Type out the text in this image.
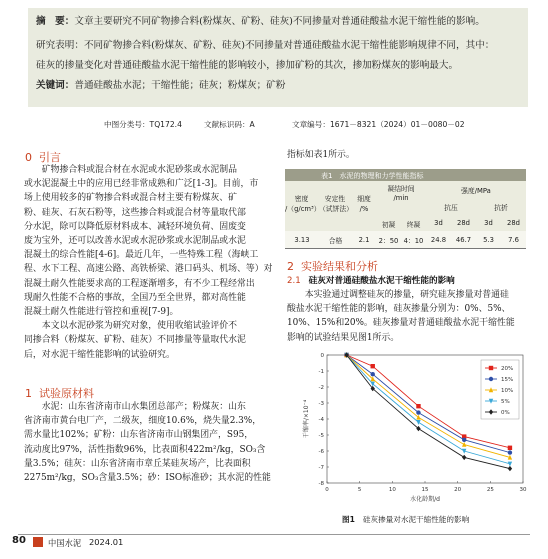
摘　要：文章主要研究不同矿物掺合料(粉煤灰、矿粉、硅灰)不同掺量对普通硅酸盐水泥干缩性能的影响。
研究表明：不同矿物掺合料(粉煤灰、矿粉、硅灰)不同掺量对普通硅酸盐水泥干缩性能影响规律不同，其中：
硅灰的掺量变化对普通硅酸盐水泥干缩性能的影响较小，掺加矿粉的其次，掺加粉煤灰的影响最大。
关键词：普通硅酸盐水泥；干缩性能；硅灰；粉煤灰；矿粉
中图分类号：TQ172.4	文献标识码：A	文章编号：1671－8321（2024）01－0080－02
0 引言
　　矿物掺合料或混合材在水泥或水泥砂浆或水泥制品
或水泥混凝土中的应用已经非常成熟和广泛[1-3]。目前，市
场上使用较多的矿物掺合料或混合材主要有粉煤灰、矿
粉、硅灰、石灰石粉等，这些掺合料或混合材等量取代部
分水泥，除可以降低原材料成本、减轻环境负荷、固废变
废为宝外，还可以改善水泥或水泥砂浆或水泥制品或水泥
混凝土的综合性能[4-6]。最近几年，一些特殊工程（海峡工
程、水下工程、高速公路、高铁桥梁、港口码头、机场、等）对
混凝土耐久性能要求高的工程逐渐增多，有不少工程经常出
现耐久性能不合格的事故，全国乃至全世界，都对高性能
混凝土耐久性能进行管控和重视[7-9]。
　　本文以水泥砂浆为研究对象，使用收缩试验评价不
同掺合料（粉煤灰、矿粉、硅灰）不同掺量等量取代水泥
后，对水泥干缩性能影响的试验研究。
1 试验原材料
　　水泥：山东省济南市山水集团总部产；粉煤灰：山东
省济南市黄台电厂产，二级灰，细度10.6%，烧失量2.3%，
需水量比102%；矿粉：山东省济南市山钢集团产，S95，
流动度比97%，活性指数96%，比表面积422m²/kg，SO₃含
量3.5%；硅灰：山东省济南市章丘某硅灰场产，比表面积
2275m²/kg，SO₃含量3.5%；砂：ISO标准砂；其水泥的性能
指标如表1所示。
表1　水泥的物理和力学性能指标
密度
/（g/cm³）
安定性
（试饼法）
细度
/%
凝结时间
/min
强度/MPa
抗压	抗折
初凝	终凝	3d	28d	3d	28d
3.13	合格	2.1	2：50	4：10	24.8	46.7	5.3	7.6
2 实验结果和分析
2.1 硅灰对普通硅酸盐水泥干缩性能的影响
　　本实验通过调整硅灰的掺量，研究硅灰掺量对普通硅
酸盐水泥干缩性能的影响，硅灰掺量分别为：0%、5%、
10%、15%和20%。硅灰掺量对普通硅酸盐水泥干缩性能
影响的试验结果见图1所示。
0	5	10	15	20	25	30
0
-1
-2
-3
-4
-5
-6
-7
-8
水化龄期/d
干缩率/×10⁻⁴
20%
15%
10%
5%
0%
图1 硅灰掺量对水泥干缩性能的影响
80	中国水泥 2024.01
